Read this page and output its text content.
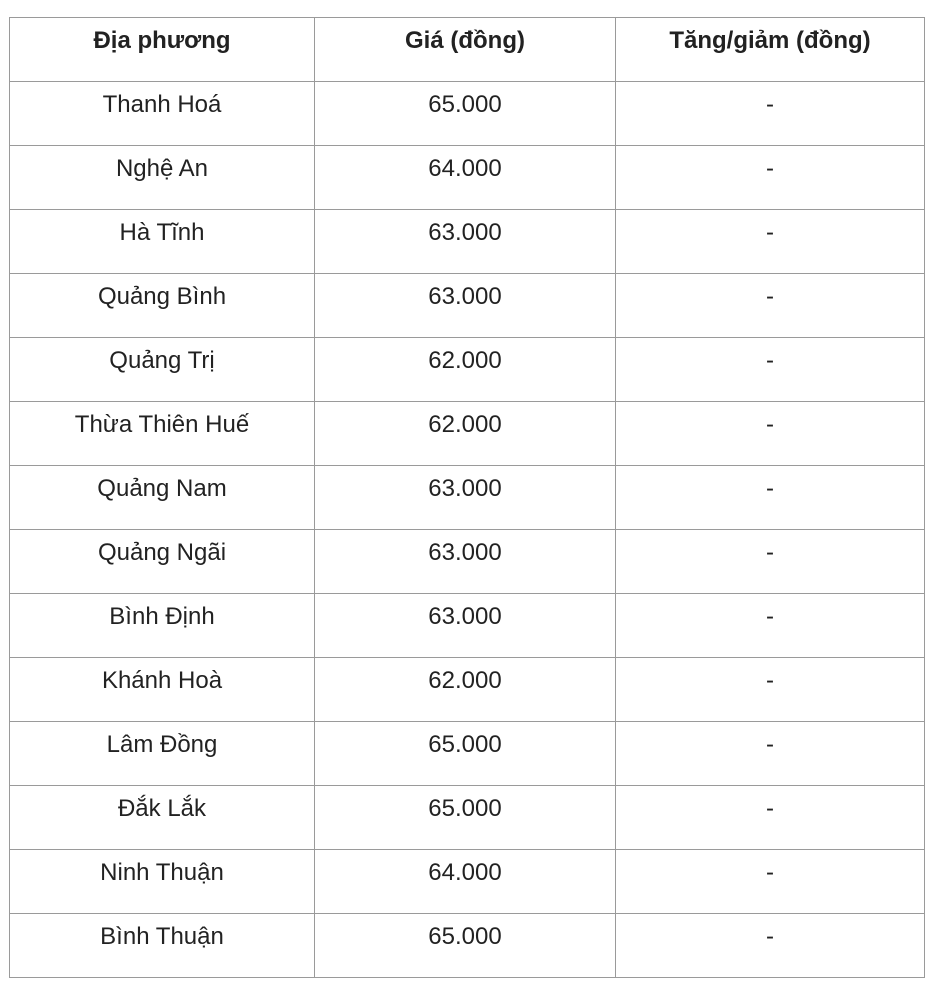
Địa phương	Giá (đồng)	Tăng/giảm (đồng)

Thanh Hoá	65.000	-

Nghệ An	64.000	-

Hà Tĩnh	63.000	-

Quảng Bình	63.000	-

Quảng Trị	62.000	-

Thừa Thiên Huế	62.000	-

Quảng Nam	63.000	-

Quảng Ngãi	63.000	-

Bình Định	63.000	-

Khánh Hoà	62.000	-

Lâm Đồng	65.000	-

Đắk Lắk	65.000	-

Ninh Thuận	64.000	-

Bình Thuận	65.000	-
